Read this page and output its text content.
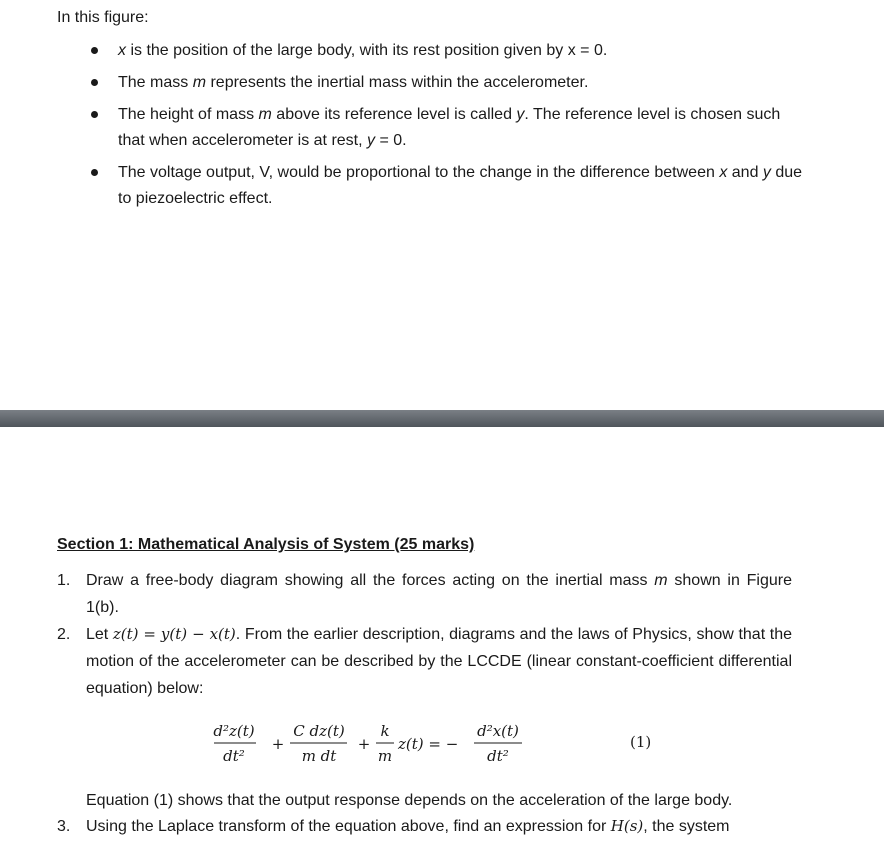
In this figure:
x is the position of the large body, with its rest position given by x = 0.
The mass m represents the inertial mass within the accelerometer.
The height of mass m above its reference level is called y. The reference level is chosen such that when accelerometer is at rest, y = 0.
The voltage output, V, would be proportional to the change in the difference between x and y due to piezoelectric effect.
Section 1: Mathematical Analysis of System (25 marks)
1. Draw a free-body diagram showing all the forces acting on the inertial mass m shown in Figure 1(b).
2. Let z(t) = y(t) − x(t). From the earlier description, diagrams and the laws of Physics, show that the motion of the accelerometer can be described by the LCCDE (linear constant-coefficient differential equation) below:
d²z(t)
dt²
+
C dz(t)
m dt
+
k
m
z(t) = −
d²x(t)
dt²
(1)
Equation (1) shows that the output response depends on the acceleration of the large body.
3. Using the Laplace transform of the equation above, find an expression for H(s), the system
